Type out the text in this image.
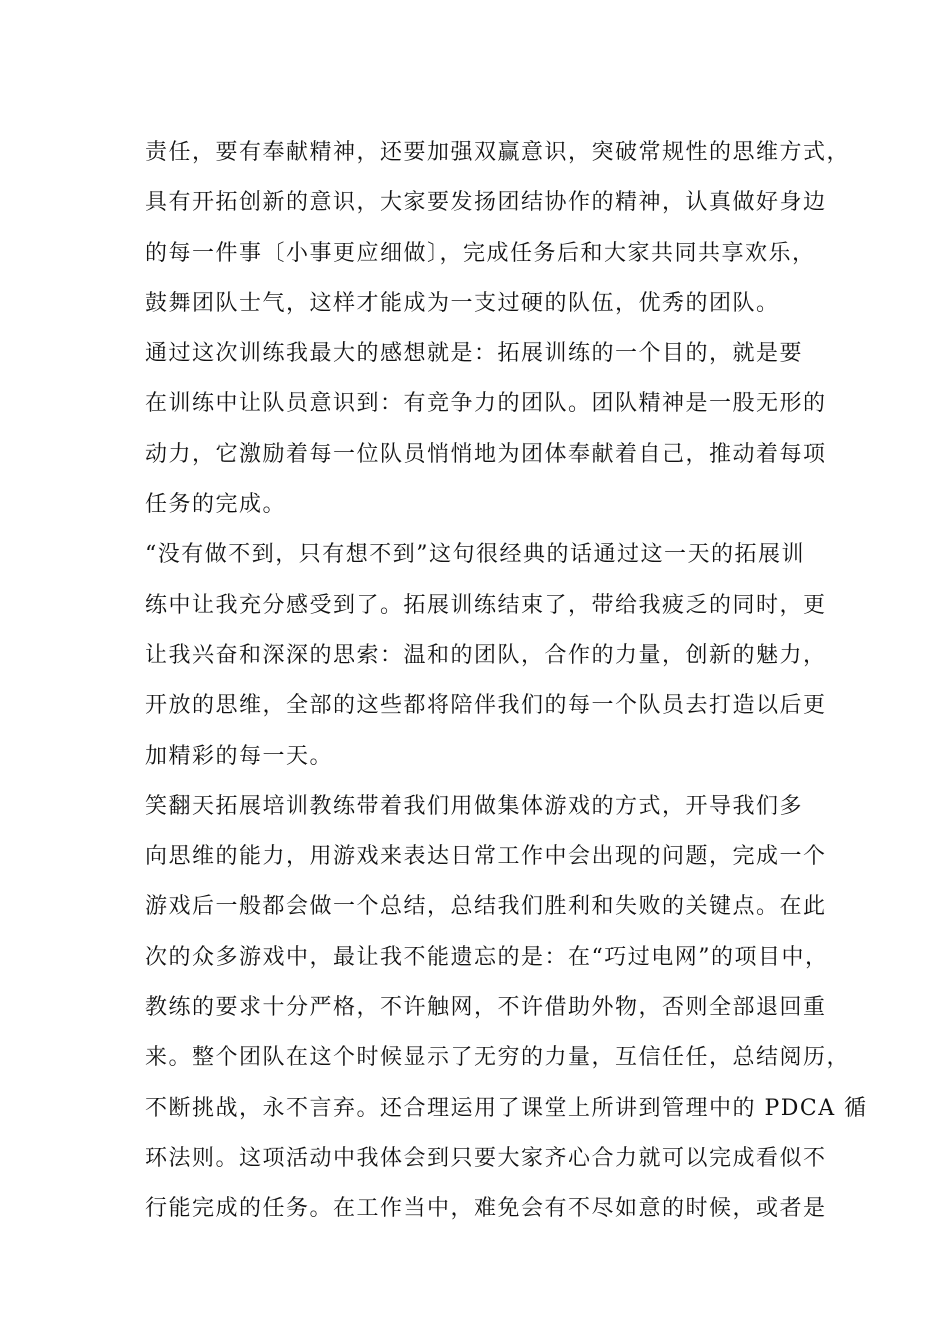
责任，要有奉献精神，还要加强双赢意识，突破常规性的思维方式，
具有开拓创新的意识，大家要发扬团结协作的精神，认真做好身边
的每一件事〔小事更应细做〕，完成任务后和大家共同共享欢乐，
鼓舞团队士气，这样才能成为一支过硬的队伍，优秀的团队。
通过这次训练我最大的感想就是：拓展训练的一个目的，就是要
在训练中让队员意识到：有竞争力的团队。团队精神是一股无形的
动力，它激励着每一位队员悄悄地为团体奉献着自己，推动着每项
任务的完成。
“没有做不到，只有想不到”这句很经典的话通过这一天的拓展训
练中让我充分感受到了。拓展训练结束了，带给我疲乏的同时，更
让我兴奋和深深的思索：温和的团队，合作的力量，创新的魅力，
开放的思维，全部的这些都将陪伴我们的每一个队员去打造以后更
加精彩的每一天。
笑翻天拓展培训教练带着我们用做集体游戏的方式，开导我们多
向思维的能力，用游戏来表达日常工作中会出现的问题，完成一个
游戏后一般都会做一个总结，总结我们胜利和失败的关键点。在此
次的众多游戏中，最让我不能遗忘的是：在“巧过电网”的项目中，
教练的要求十分严格，不许触网，不许借助外物，否则全部退回重
来。整个团队在这个时候显示了无穷的力量，互信任任，总结阅历，
不断挑战，永不言弃。还合理运用了课堂上所讲到管理中的 PDCA 循
环法则。这项活动中我体会到只要大家齐心合力就可以完成看似不
行能完成的任务。在工作当中，难免会有不尽如意的时候，或者是
